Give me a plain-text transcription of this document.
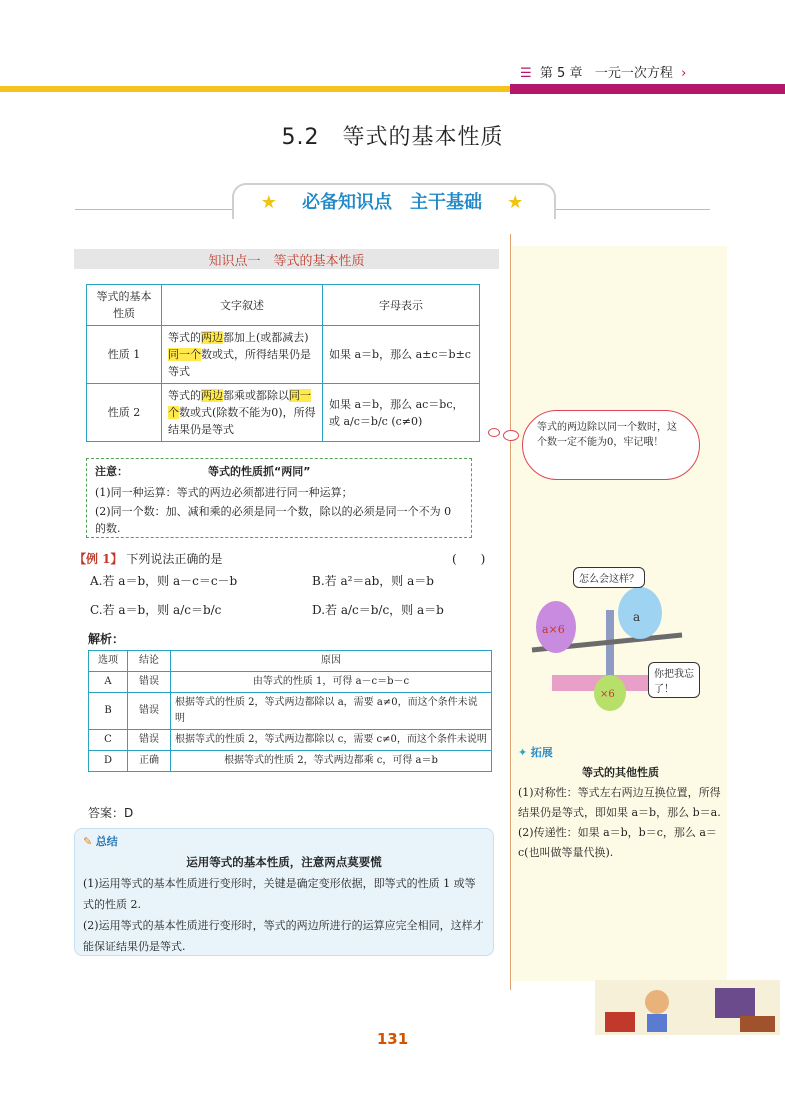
☰ 第 5 章 一元一次方程 ›
5.2　等式的基本性质
★ 必备知识点　主干基础 ★
知识点一　等式的基本性质
等式的基本性质	文字叙述	字母表示
性质 1	等式的两边都加上(或都减去)同一个数或式，所得结果仍是等式	如果 a＝b，那么 a±c＝b±c
性质 2	等式的两边都乘或都除以同一个数或式(除数不能为0)，所得结果仍是等式	如果 a＝b，那么 ac＝bc，或 a/c＝b/c (c≠0)
注意：	等式的性质抓“两同”
(1)同一种运算：等式的两边必须都进行同一种运算；
(2)同一个数：加、减和乘的必须是同一个数，除以的必须是同一个不为 0 的数.
【例 1】 下列说法正确的是	(　　)
A.若 a＝b，则 a－c＝c－b	B.若 a²＝ab，则 a＝b
C.若 a＝b，则 a/c＝b/c	D.若 a/c＝b/c，则 a＝b
解析：
选项	结论	原因
A	错误	由等式的性质 1，可得 a－c＝b－c
B	错误	根据等式的性质 2，等式两边都除以 a，需要 a≠0，而这个条件未说明
C	错误	根据等式的性质 2，等式两边都除以 c，需要 c≠0，而这个条件未说明
D	正确	根据等式的性质 2，等式两边都乘 c，可得 a＝b
答案：D
✎ 总结
运用等式的基本性质，注意两点莫要慌
(1)运用等式的基本性质进行变形时，关键是确定变形依据，即等式的性质 1 或等式的性质 2.
(2)运用等式的基本性质进行变形时，等式的两边所进行的运算应完全相同，这样才能保证结果仍是等式.
等式的两边除以同一个数时，这个数一定不能为0，牢记哦！
a×6
a
×6
怎么会这样？
你把我忘了！
✦ 拓展
等式的其他性质
(1)对称性：等式左右两边互换位置，所得结果仍是等式，即如果 a＝b，那么 b＝a.
(2)传递性：如果 a＝b，b＝c，那么 a＝c(也叫做等量代换).
131
